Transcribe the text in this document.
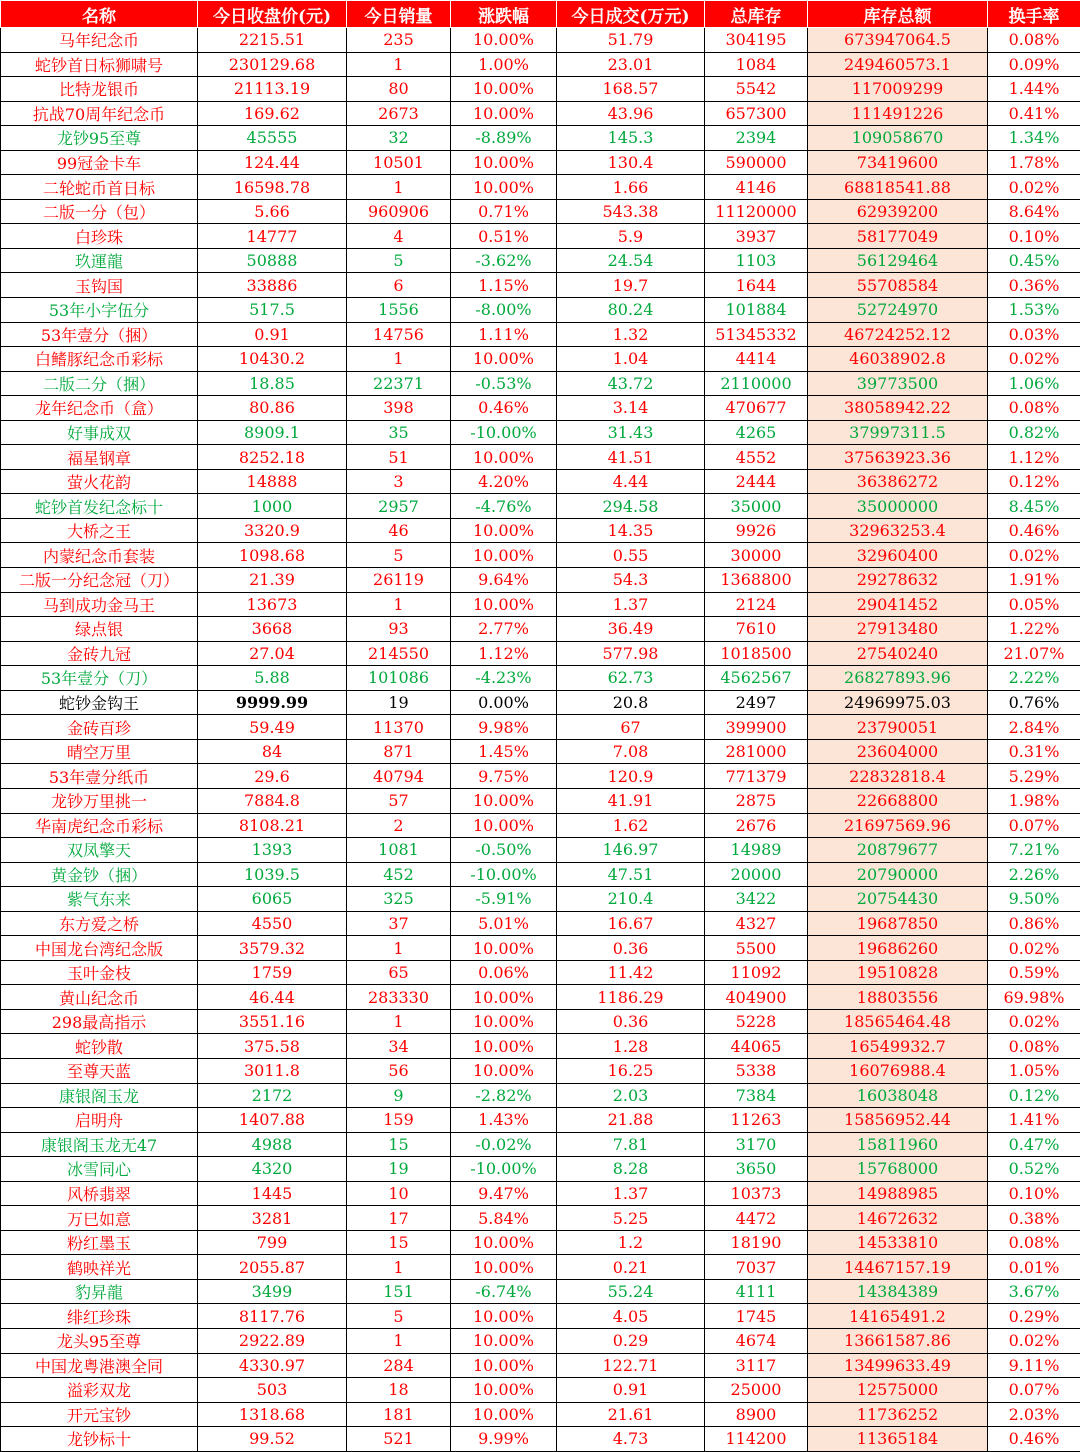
名称	今日收盘价(元)	今日销量	涨跌幅	今日成交(万元)	总库存	库存总额	换手率
马年纪念币	2215.51	235	10.00%	51.79	304195	673947064.5	0.08%
蛇钞首日标狮啸号	230129.68	1	1.00%	23.01	1084	249460573.1	0.09%
比特龙银币	21113.19	80	10.00%	168.57	5542	117009299	1.44%
抗战70周年纪念币	169.62	2673	10.00%	43.96	657300	111491226	0.41%
龙钞95至尊	45555	32	-8.89%	145.3	2394	109058670	1.34%
99冠金卡车	124.44	10501	10.00%	130.4	590000	73419600	1.78%
二轮蛇币首日标	16598.78	1	10.00%	1.66	4146	68818541.88	0.02%
二版一分（包）	5.66	960906	0.71%	543.38	11120000	62939200	8.64%
白珍珠	14777	4	0.51%	5.9	3937	58177049	0.10%
玖運龍	50888	5	-3.62%	24.54	1103	56129464	0.45%
玉钩国	33886	6	1.15%	19.7	1644	55708584	0.36%
53年小字伍分	517.5	1556	-8.00%	80.24	101884	52724970	1.53%
53年壹分（捆）	0.91	14756	1.11%	1.32	51345332	46724252.12	0.03%
白鳍豚纪念币彩标	10430.2	1	10.00%	1.04	4414	46038902.8	0.02%
二版二分（捆）	18.85	22371	-0.53%	43.72	2110000	39773500	1.06%
龙年纪念币（盒）	80.86	398	0.46%	3.14	470677	38058942.22	0.08%
好事成双	8909.1	35	-10.00%	31.43	4265	37997311.5	0.82%
福星钢章	8252.18	51	10.00%	41.51	4552	37563923.36	1.12%
萤火花韵	14888	3	4.20%	4.44	2444	36386272	0.12%
蛇钞首发纪念标十	1000	2957	-4.76%	294.58	35000	35000000	8.45%
大桥之王	3320.9	46	10.00%	14.35	9926	32963253.4	0.46%
内蒙纪念币套装	1098.68	5	10.00%	0.55	30000	32960400	0.02%
二版一分纪念冠（刀）	21.39	26119	9.64%	54.3	1368800	29278632	1.91%
马到成功金马王	13673	1	10.00%	1.37	2124	29041452	0.05%
绿点银	3668	93	2.77%	36.49	7610	27913480	1.22%
金砖九冠	27.04	214550	1.12%	577.98	1018500	27540240	21.07%
53年壹分（刀）	5.88	101086	-4.23%	62.73	4562567	26827893.96	2.22%
蛇钞金钩王	9999.99	19	0.00%	20.8	2497	24969975.03	0.76%
金砖百珍	59.49	11370	9.98%	67	399900	23790051	2.84%
晴空万里	84	871	1.45%	7.08	281000	23604000	0.31%
53年壹分纸币	29.6	40794	9.75%	120.9	771379	22832818.4	5.29%
龙钞万里挑一	7884.8	57	10.00%	41.91	2875	22668800	1.98%
华南虎纪念币彩标	8108.21	2	10.00%	1.62	2676	21697569.96	0.07%
双凤擎天	1393	1081	-0.50%	146.97	14989	20879677	7.21%
黄金钞（捆）	1039.5	452	-10.00%	47.51	20000	20790000	2.26%
紫气东来	6065	325	-5.91%	210.4	3422	20754430	9.50%
东方爱之桥	4550	37	5.01%	16.67	4327	19687850	0.86%
中国龙台湾纪念版	3579.32	1	10.00%	0.36	5500	19686260	0.02%
玉叶金枝	1759	65	0.06%	11.42	11092	19510828	0.59%
黄山纪念币	46.44	283330	10.00%	1186.29	404900	18803556	69.98%
298最高指示	3551.16	1	10.00%	0.36	5228	18565464.48	0.02%
蛇钞散	375.58	34	10.00%	1.28	44065	16549932.7	0.08%
至尊天蓝	3011.8	56	10.00%	16.25	5338	16076988.4	1.05%
康银阁玉龙	2172	9	-2.82%	2.03	7384	16038048	0.12%
启明舟	1407.88	159	1.43%	21.88	11263	15856952.44	1.41%
康银阁玉龙无47	4988	15	-0.02%	7.81	3170	15811960	0.47%
冰雪同心	4320	19	-10.00%	8.28	3650	15768000	0.52%
风桥翡翠	1445	10	9.47%	1.37	10373	14988985	0.10%
万巳如意	3281	17	5.84%	5.25	4472	14672632	0.38%
粉红墨玉	799	15	10.00%	1.2	18190	14533810	0.08%
鹤映祥光	2055.87	1	10.00%	0.21	7037	14467157.19	0.01%
豹昇龍	3499	151	-6.74%	55.24	4111	14384389	3.67%
绯红珍珠	8117.76	5	10.00%	4.05	1745	14165491.2	0.29%
龙头95至尊	2922.89	1	10.00%	0.29	4674	13661587.86	0.02%
中国龙粤港澳全同	4330.97	284	10.00%	122.71	3117	13499633.49	9.11%
溢彩双龙	503	18	10.00%	0.91	25000	12575000	0.07%
开元宝钞	1318.68	181	10.00%	21.61	8900	11736252	2.03%
龙钞标十	99.52	521	9.99%	4.73	114200	11365184	0.46%
